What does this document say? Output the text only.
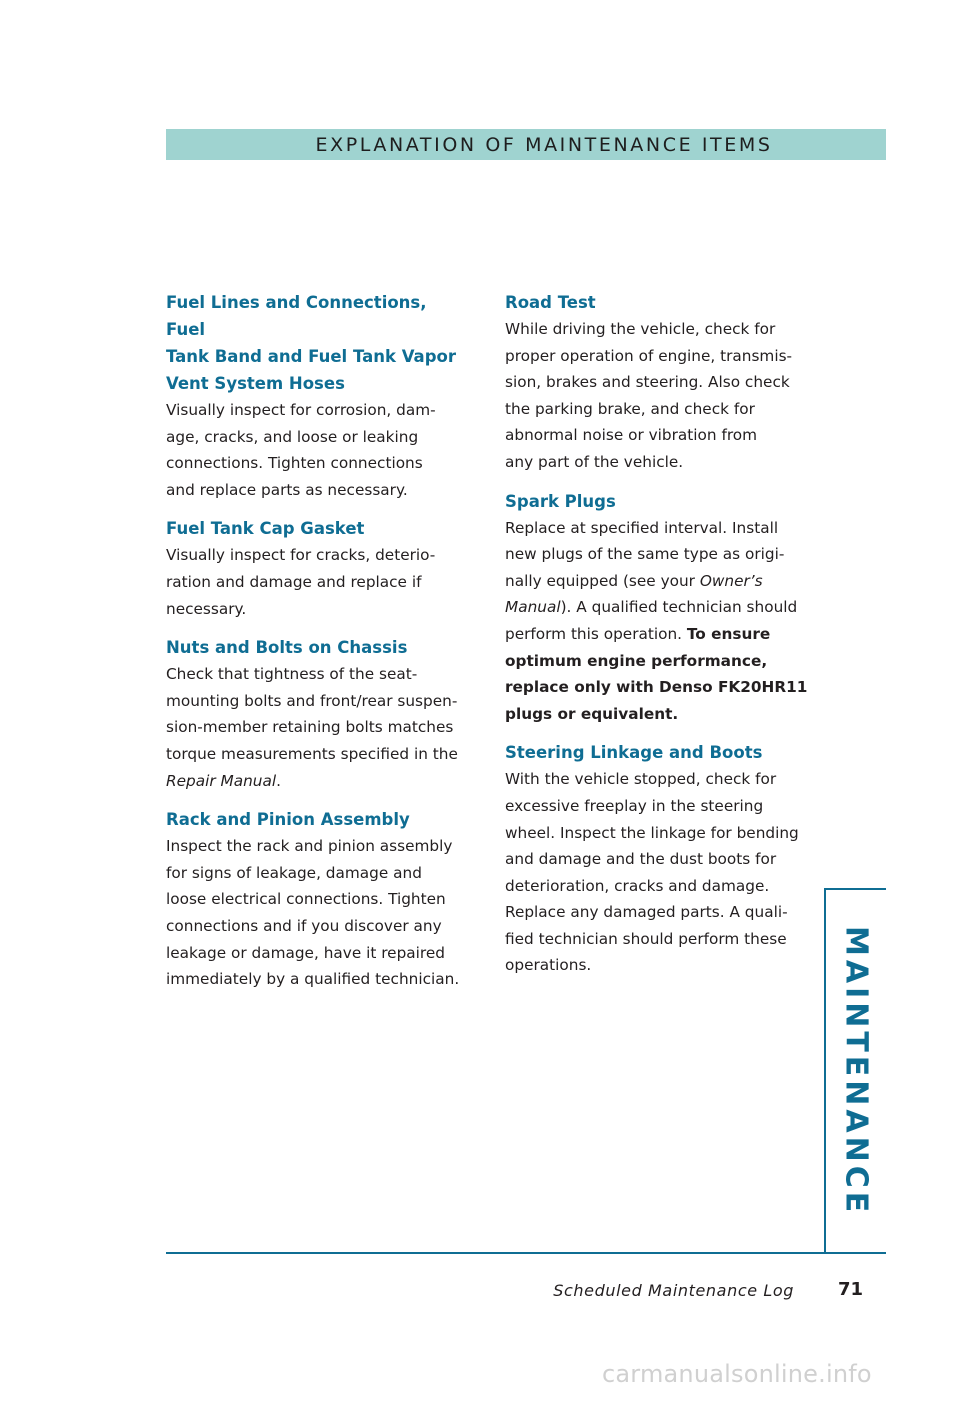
EXPLANATION OF MAINTENANCE ITEMS
Fuel Lines and Connections, Fuel
Tank Band and Fuel Tank Vapor
Vent System Hoses
Visually inspect for corrosion, dam-
age, cracks, and loose or leaking
connections. Tighten connections
and replace parts as necessary.
Fuel Tank Cap Gasket
Visually inspect for cracks, deterio-
ration and damage and replace if
necessary.
Nuts and Bolts on Chassis
Check that tightness of the seat-
mounting bolts and front/rear suspen-
sion-member retaining bolts matches
torque measurements specified in the
Repair Manual.
Rack and Pinion Assembly
Inspect the rack and pinion assembly
for signs of leakage, damage and
loose electrical connections. Tighten
connections and if you discover any
leakage or damage, have it repaired
immediately by a qualified technician.
Road Test
While driving the vehicle, check for
proper operation of engine, transmis-
sion, brakes and steering. Also check
the parking brake, and check for
abnormal noise or vibration from
any part of the vehicle.
Spark Plugs
Replace at specified interval. Install
new plugs of the same type as origi-
nally equipped (see your Owner’s
Manual). A qualified technician should
perform this operation. To ensure
optimum engine performance,
replace only with Denso FK20HR11
plugs or equivalent.
Steering Linkage and Boots
With the vehicle stopped, check for
excessive freeplay in the steering
wheel. Inspect the linkage for bending
and damage and the dust boots for
deterioration, cracks and damage.
Replace any damaged parts. A quali-
fied technician should perform these
operations.	MAINTENANCE
Scheduled Maintenance Log 71
carmanualsonline.info
